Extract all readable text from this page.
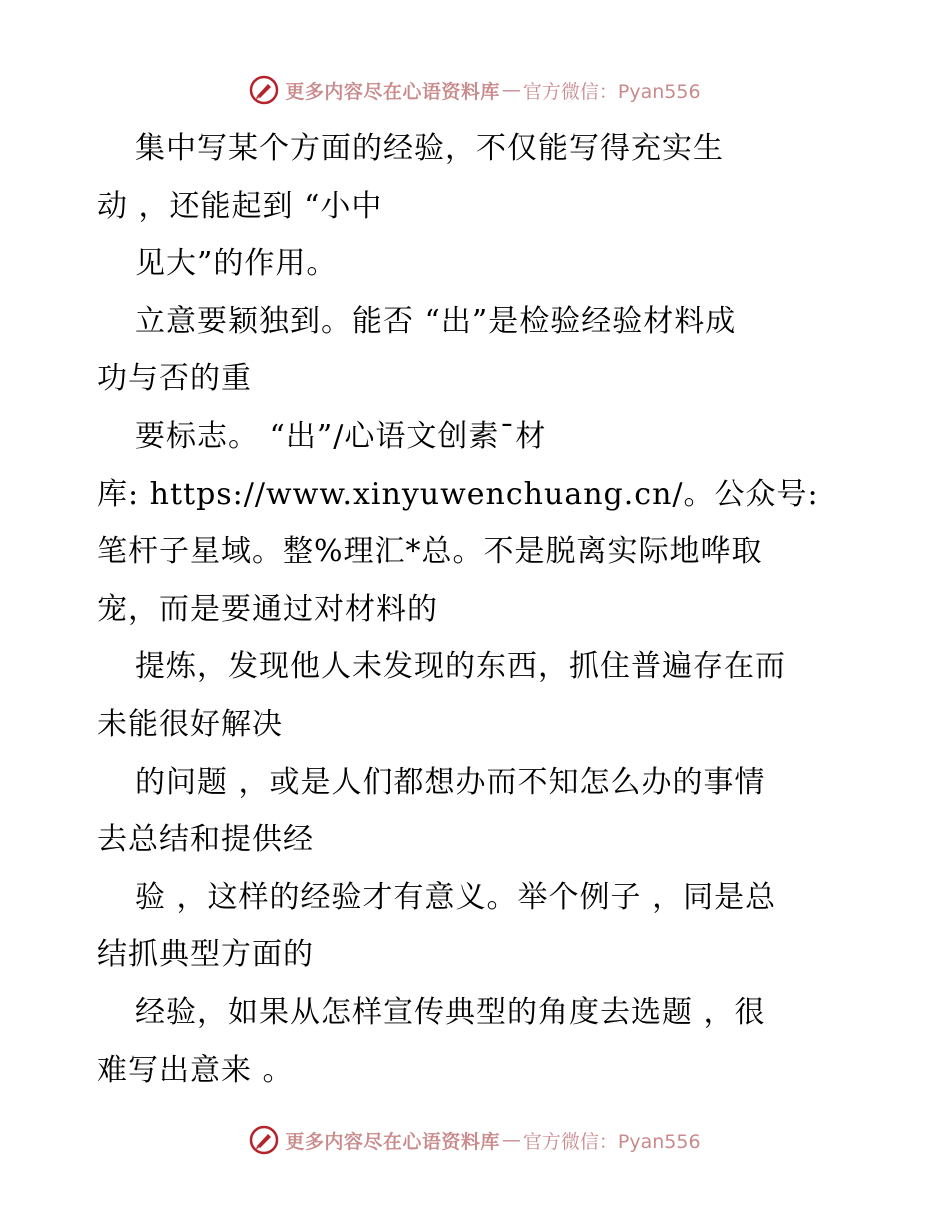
更多内容尽在心语资料库 — 官方微信：Pyan556
集中写某个方面的经验，不仅能写得充实生
动 ，还能起到 “小中
见大”的作用。
立意要颖独到。能否 “出”是检验经验材料成
功与否的重
要标志。 “出”/心语文创素¯材
库: https://www.xinyuwenchuang.cn/。公众号:
笔杆子星域。整%理汇*总。不是脱离实际地哗取
宠，而是要通过对材料的
提炼，发现他人未发现的东西，抓住普遍存在而
未能很好解决
的问题 ，或是人们都想办而不知怎么办的事情
去总结和提供经
验 ，这样的经验才有意义。举个例子 ，同是总
结抓典型方面的
经验，如果从怎样宣传典型的角度去选题 ，很
难写出意来 。
更多内容尽在心语资料库 — 官方微信：Pyan556
